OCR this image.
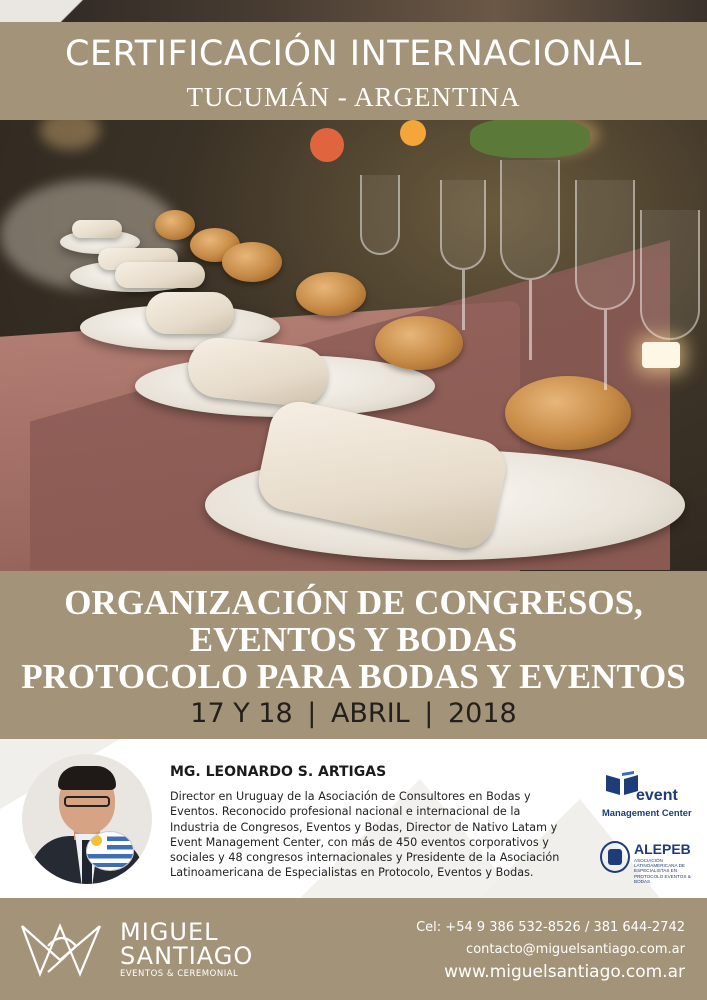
CERTIFICACIÓN INTERNACIONAL
TUCUMÁN - ARGENTINA
ORGANIZACIÓN DE CONGRESOS,
EVENTOS Y BODAS
PROTOCOLO PARA BODAS Y EVENTOS
17 Y 18 | ABRIL | 2018
MG. LEONARDO S. ARTIGAS
Director en Uruguay de la Asociación de Consultores en Bodas y Eventos. Reconocido profesional nacional e internacional de la Industria de Congresos, Eventos y Bodas, Director de Nativo Latam y Event Management Center, con más de 450 eventos corporativos y sociales y 48 congresos internacionales y Presidente de la Asociación Latinoamericana de Especialistas en Protocolo, Eventos y Bodas.
event
Management Center
ALEPEB
ASOCIACIÓN LATINOAMERICANA DE ESPECIALISTAS EN PROTOCOLO EVENTOS & BODAS
MIGUEL
SANTIAGO
EVENTOS & CEREMONIAL
Cel: +54 9 386 532-8526 / 381 644-2742
contacto@miguelsantiago.com.ar
www.miguelsantiago.com.ar
